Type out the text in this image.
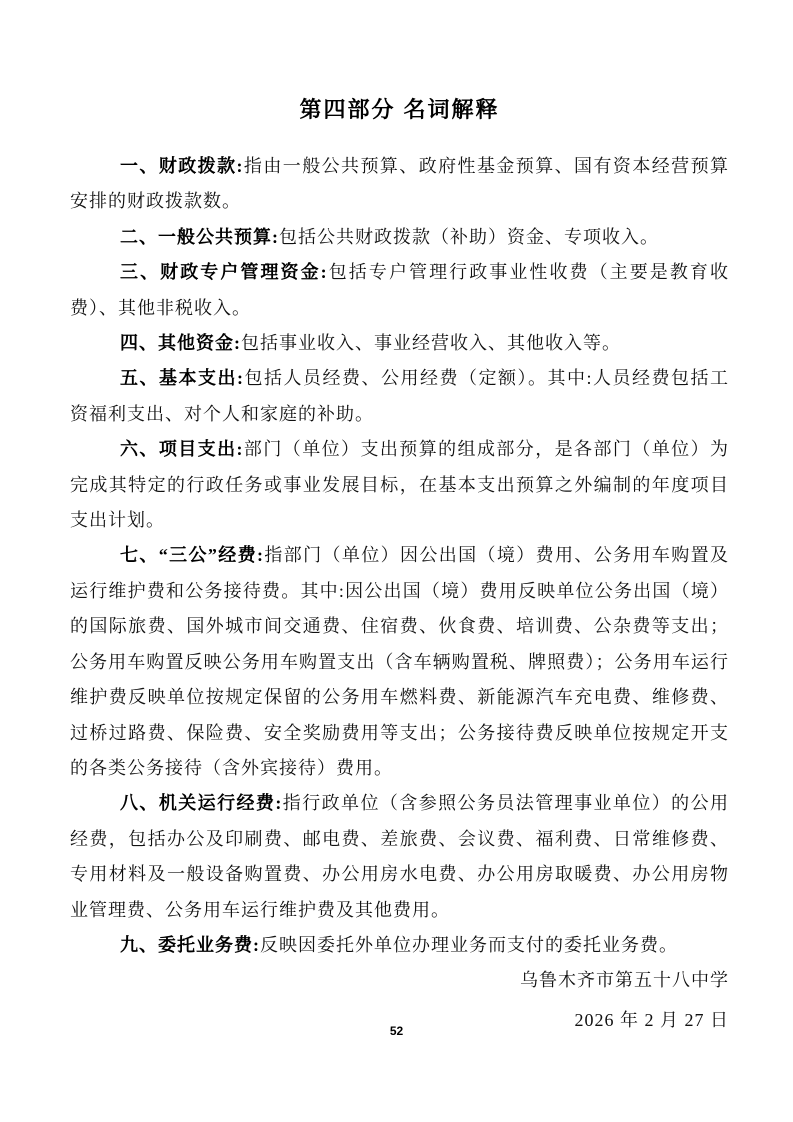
第四部分 名词解释

一、财政拨款:指由一般公共预算、政府性基金预算、国有资本经营预算安排的财政拨款数。

二、一般公共预算:包括公共财政拨款（补助）资金、专项收入。

三、财政专户管理资金:包括专户管理行政事业性收费（主要是教育收费）、其他非税收入。

四、其他资金:包括事业收入、事业经营收入、其他收入等。

五、基本支出:包括人员经费、公用经费（定额）。其中:人员经费包括工资福利支出、对个人和家庭的补助。

六、项目支出:部门（单位）支出预算的组成部分，是各部门（单位）为完成其特定的行政任务或事业发展目标，在基本支出预算之外编制的年度项目支出计划。

七、“三公”经费:指部门（单位）因公出国（境）费用、公务用车购置及运行维护费和公务接待费。其中:因公出国（境）费用反映单位公务出国（境）的国际旅费、国外城市间交通费、住宿费、伙食费、培训费、公杂费等支出；公务用车购置反映公务用车购置支出（含车辆购置税、牌照费）；公务用车运行维护费反映单位按规定保留的公务用车燃料费、新能源汽车充电费、维修费、过桥过路费、保险费、安全奖励费用等支出；公务接待费反映单位按规定开支的各类公务接待（含外宾接待）费用。

八、机关运行经费:指行政单位（含参照公务员法管理事业单位）的公用经费，包括办公及印刷费、邮电费、差旅费、会议费、福利费、日常维修费、专用材料及一般设备购置费、办公用房水电费、办公用房取暖费、办公用房物业管理费、公务用车运行维护费及其他费用。

九、委托业务费:反映因委托外单位办理业务而支付的委托业务费。

乌鲁木齐市第五十八中学
2026 年 2 月 27 日
52
